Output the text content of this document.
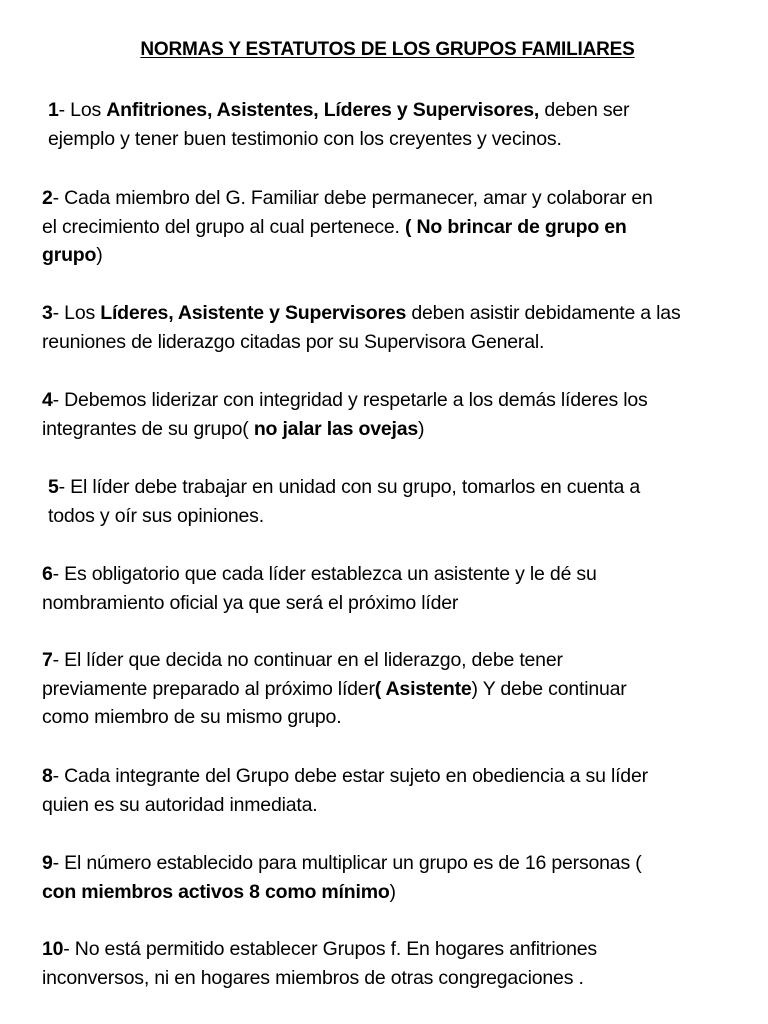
NORMAS Y ESTATUTOS DE LOS GRUPOS FAMILIARES
1- Los Anfitriones, Asistentes, Líderes y Supervisores, deben ser
ejemplo y tener buen testimonio con los creyentes y vecinos.
2- Cada miembro del G. Familiar debe permanecer, amar y colaborar en
el crecimiento del grupo al cual pertenece. ( No brincar de grupo en
grupo)
3- Los Líderes, Asistente y Supervisores deben asistir debidamente a las
reuniones de liderazgo citadas por su Supervisora General.
4- Debemos liderizar con integridad y respetarle a los demás líderes los
integrantes de su grupo( no jalar las ovejas)
5- El líder debe trabajar en unidad con su grupo, tomarlos en cuenta a
todos y oír sus opiniones.
6- Es obligatorio que cada líder establezca un asistente y le dé su
nombramiento oficial ya que será el próximo líder
7- El líder que decida no continuar en el liderazgo, debe tener
previamente preparado al próximo líder( Asistente) Y debe continuar
como miembro de su mismo grupo.
8- Cada integrante del Grupo debe estar sujeto en obediencia a su líder
quien es su autoridad inmediata.
9- El número establecido para multiplicar un grupo es de 16 personas (
con miembros activos 8 como mínimo)
10- No está permitido establecer Grupos f. En hogares anfitriones
inconversos, ni en hogares miembros de otras congregaciones .
